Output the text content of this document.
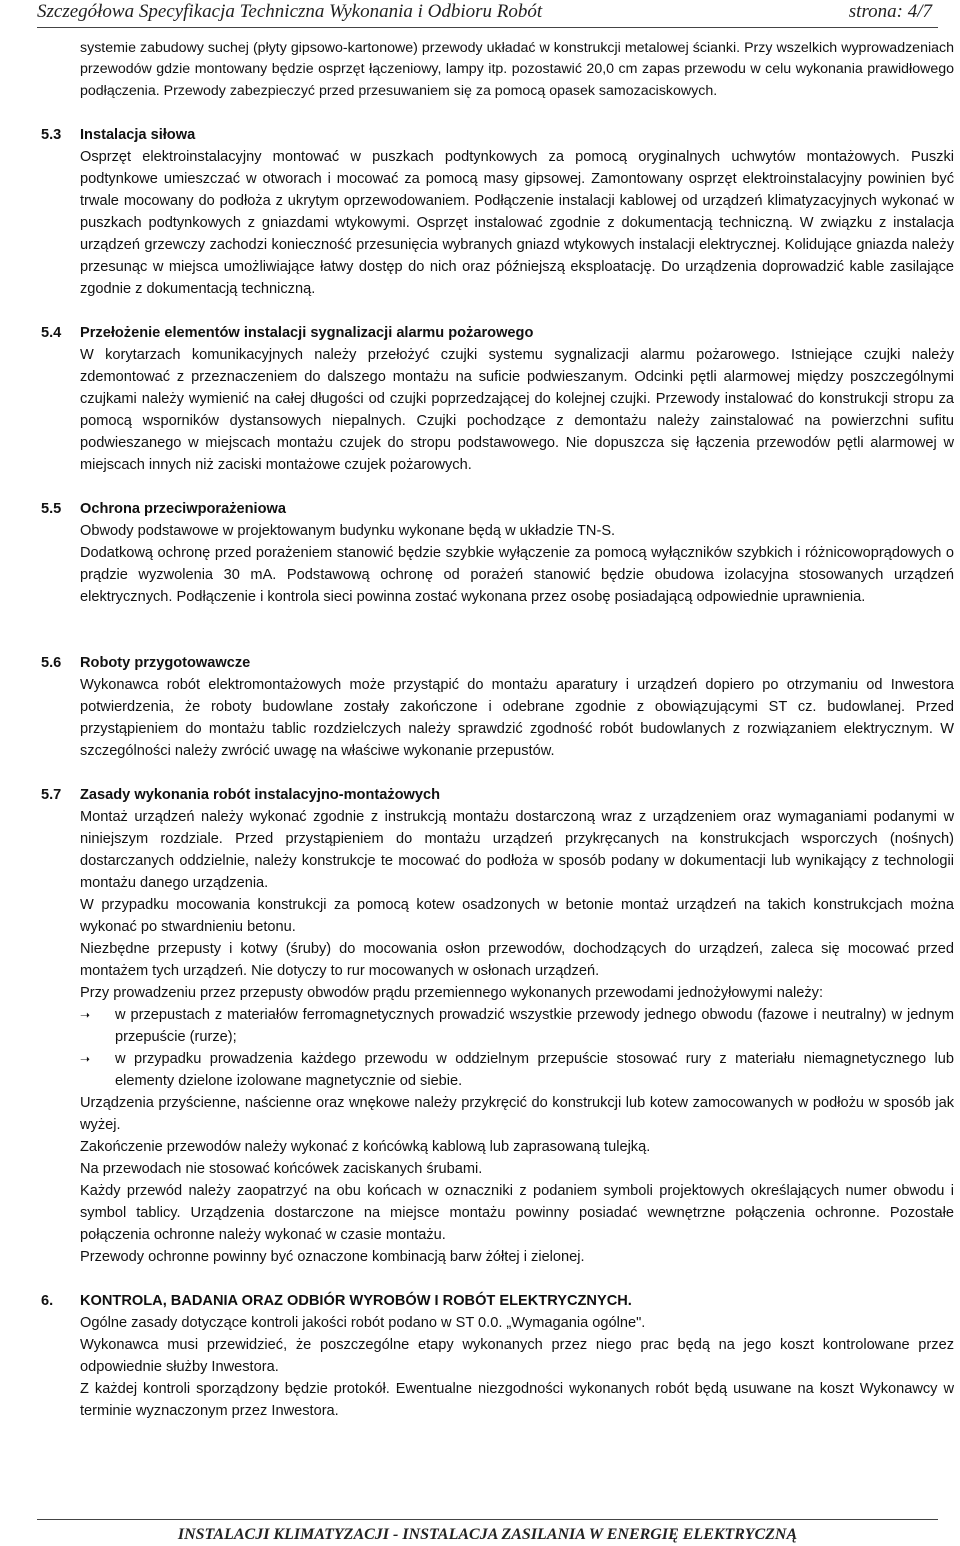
Szczegółowa Specyfikacja Techniczna Wykonania i Odbioru Robót	strona: 4/7

systemie zabudowy suchej (płyty gipsowo-kartonowe) przewody układać w konstrukcji metalowej ścianki. Przy wszelkich wyprowadzeniach przewodów gdzie montowany będzie osprzęt łączeniowy, lampy itp. pozostawić 20,0 cm zapas przewodu w celu wykonania prawidłowego podłączenia. Przewody zabezpieczyć przed przesuwaniem się za pomocą opasek samozaciskowych.

5.3 Instalacja siłowa

Osprzęt elektroinstalacyjny montować w puszkach podtynkowych za pomocą oryginalnych uchwytów montażowych. Puszki podtynkowe umieszczać w otworach i mocować za pomocą masy gipsowej. Zamontowany osprzęt elektroinstalacyjny powinien być trwale mocowany do podłoża z ukrytym oprzewodowaniem. Podłączenie instalacji kablowej od urządzeń klimatyzacyjnych wykonać w puszkach podtynkowych z gniazdami wtykowymi. Osprzęt instalować zgodnie z dokumentacją techniczną. W związku z instalacja urządzeń grzewczy zachodzi konieczność przesunięcia wybranych gniazd wtykowych instalacji elektrycznej. Kolidujące gniazda należy przesunąc w miejsca umożliwiające łatwy dostęp do nich oraz późniejszą eksploatację. Do urządzenia doprowadzić kable zasilające zgodnie z dokumentacją techniczną.

5.4 Przełożenie elementów instalacji sygnalizacji alarmu pożarowego

W korytarzach komunikacyjnych należy przełożyć czujki systemu sygnalizacji alarmu pożarowego. Istniejące czujki należy zdemontować z przeznaczeniem do dalszego montażu na suficie podwieszanym. Odcinki pętli alarmowej między poszczególnymi czujkami należy wymienić na całej długości od czujki poprzedzającej do kolejnej czujki. Przewody instalować do konstrukcji stropu za pomocą wsporników dystansowych niepalnych. Czujki pochodzące z demontażu należy zainstalować na powierzchni sufitu podwieszanego w miejscach montażu czujek do stropu podstawowego. Nie dopuszcza się łączenia przewodów pętli alarmowej w miejscach innych niż zaciski montażowe czujek pożarowych.

5.5 Ochrona przeciwporażeniowa

Obwody podstawowe w projektowanym budynku wykonane będą w układzie TN-S.

Dodatkową ochronę przed porażeniem stanowić będzie szybkie wyłączenie za pomocą wyłączników szybkich i różnicowoprądowych o prądzie wyzwolenia 30 mA. Podstawową ochronę od porażeń stanowić będzie obudowa izolacyjna stosowanych urządzeń elektrycznych. Podłączenie i kontrola sieci powinna zostać wykonana przez osobę posiadającą odpowiednie uprawnienia.

5.6 Roboty przygotowawcze

Wykonawca robót elektromontażowych może przystąpić do montażu aparatury i urządzeń dopiero po otrzymaniu od Inwestora potwierdzenia, że roboty budowlane zostały zakończone i odebrane zgodnie z obowiązującymi ST cz. budowlanej. Przed przystąpieniem do montażu tablic rozdzielczych należy sprawdzić zgodność robót budowlanych z rozwiązaniem elektrycznym. W szczególności należy zwrócić uwagę na właściwe wykonanie przepustów.

5.7 Zasady wykonania robót instalacyjno-montażowych

Montaż urządzeń należy wykonać zgodnie z instrukcją montażu dostarczoną wraz z urządzeniem oraz wymaganiami podanymi w niniejszym rozdziale. Przed przystąpieniem do montażu urządzeń przykręcanych na konstrukcjach wsporczych (nośnych) dostarczanych oddzielnie, należy konstrukcje te mocować do podłoża w sposób podany w dokumentacji lub wynikający z technologii montażu danego urządzenia.

W przypadku mocowania konstrukcji za pomocą kotew osadzonych w betonie montaż urządzeń na takich konstrukcjach można wykonać po stwardnieniu betonu.

Niezbędne przepusty i kotwy (śruby) do mocowania osłon przewodów, dochodzących do urządzeń, zaleca się mocować przed montażem tych urządzeń. Nie dotyczy to rur mocowanych w osłonach urządzeń.

Przy prowadzeniu przez przepusty obwodów prądu przemiennego wykonanych przewodami jednożyłowymi należy:

➝ w przepustach z materiałów ferromagnetycznych prowadzić wszystkie przewody jednego obwodu (fazowe i neutralny) w jednym przepuście (rurze);
➝ w przypadku prowadzenia każdego przewodu w oddzielnym przepuście stosować rury z materiału niemagnetycznego lub elementy dzielone izolowane magnetycznie od siebie.

Urządzenia przyścienne, naścienne oraz wnękowe należy przykręcić do konstrukcji lub kotew zamocowanych w podłożu w sposób jak wyżej.

Zakończenie przewodów należy wykonać z końcówką kablową lub zaprasowaną tulejką.

Na przewodach nie stosować końcówek zaciskanych śrubami.

Każdy przewód należy zaopatrzyć na obu końcach w oznaczniki z podaniem symboli projektowych określających numer obwodu i symbol tablicy. Urządzenia dostarczone na miejsce montażu powinny posiadać wewnętrzne połączenia ochronne. Pozostałe połączenia ochronne należy wykonać w czasie montażu.

Przewody ochronne powinny być oznaczone kombinacją barw żółtej i zielonej.

6. KONTROLA, BADANIA ORAZ ODBIÓR WYROBÓW I ROBÓT ELEKTRYCZNYCH.

Ogólne zasady dotyczące kontroli jakości robót podano w ST 0.0. „Wymagania ogólne".

Wykonawca musi przewidzieć, że poszczególne etapy wykonanych przez niego prac będą na jego koszt kontrolowane przez odpowiednie służby Inwestora.

Z każdej kontroli sporządzony będzie protokół. Ewentualne niezgodności wykonanych robót będą usuwane na koszt Wykonawcy w terminie wyznaczonym przez Inwestora.

INSTALACJI KLIMATYZACJI - INSTALACJA ZASILANIA W ENERGIĘ ELEKTRYCZNĄ
